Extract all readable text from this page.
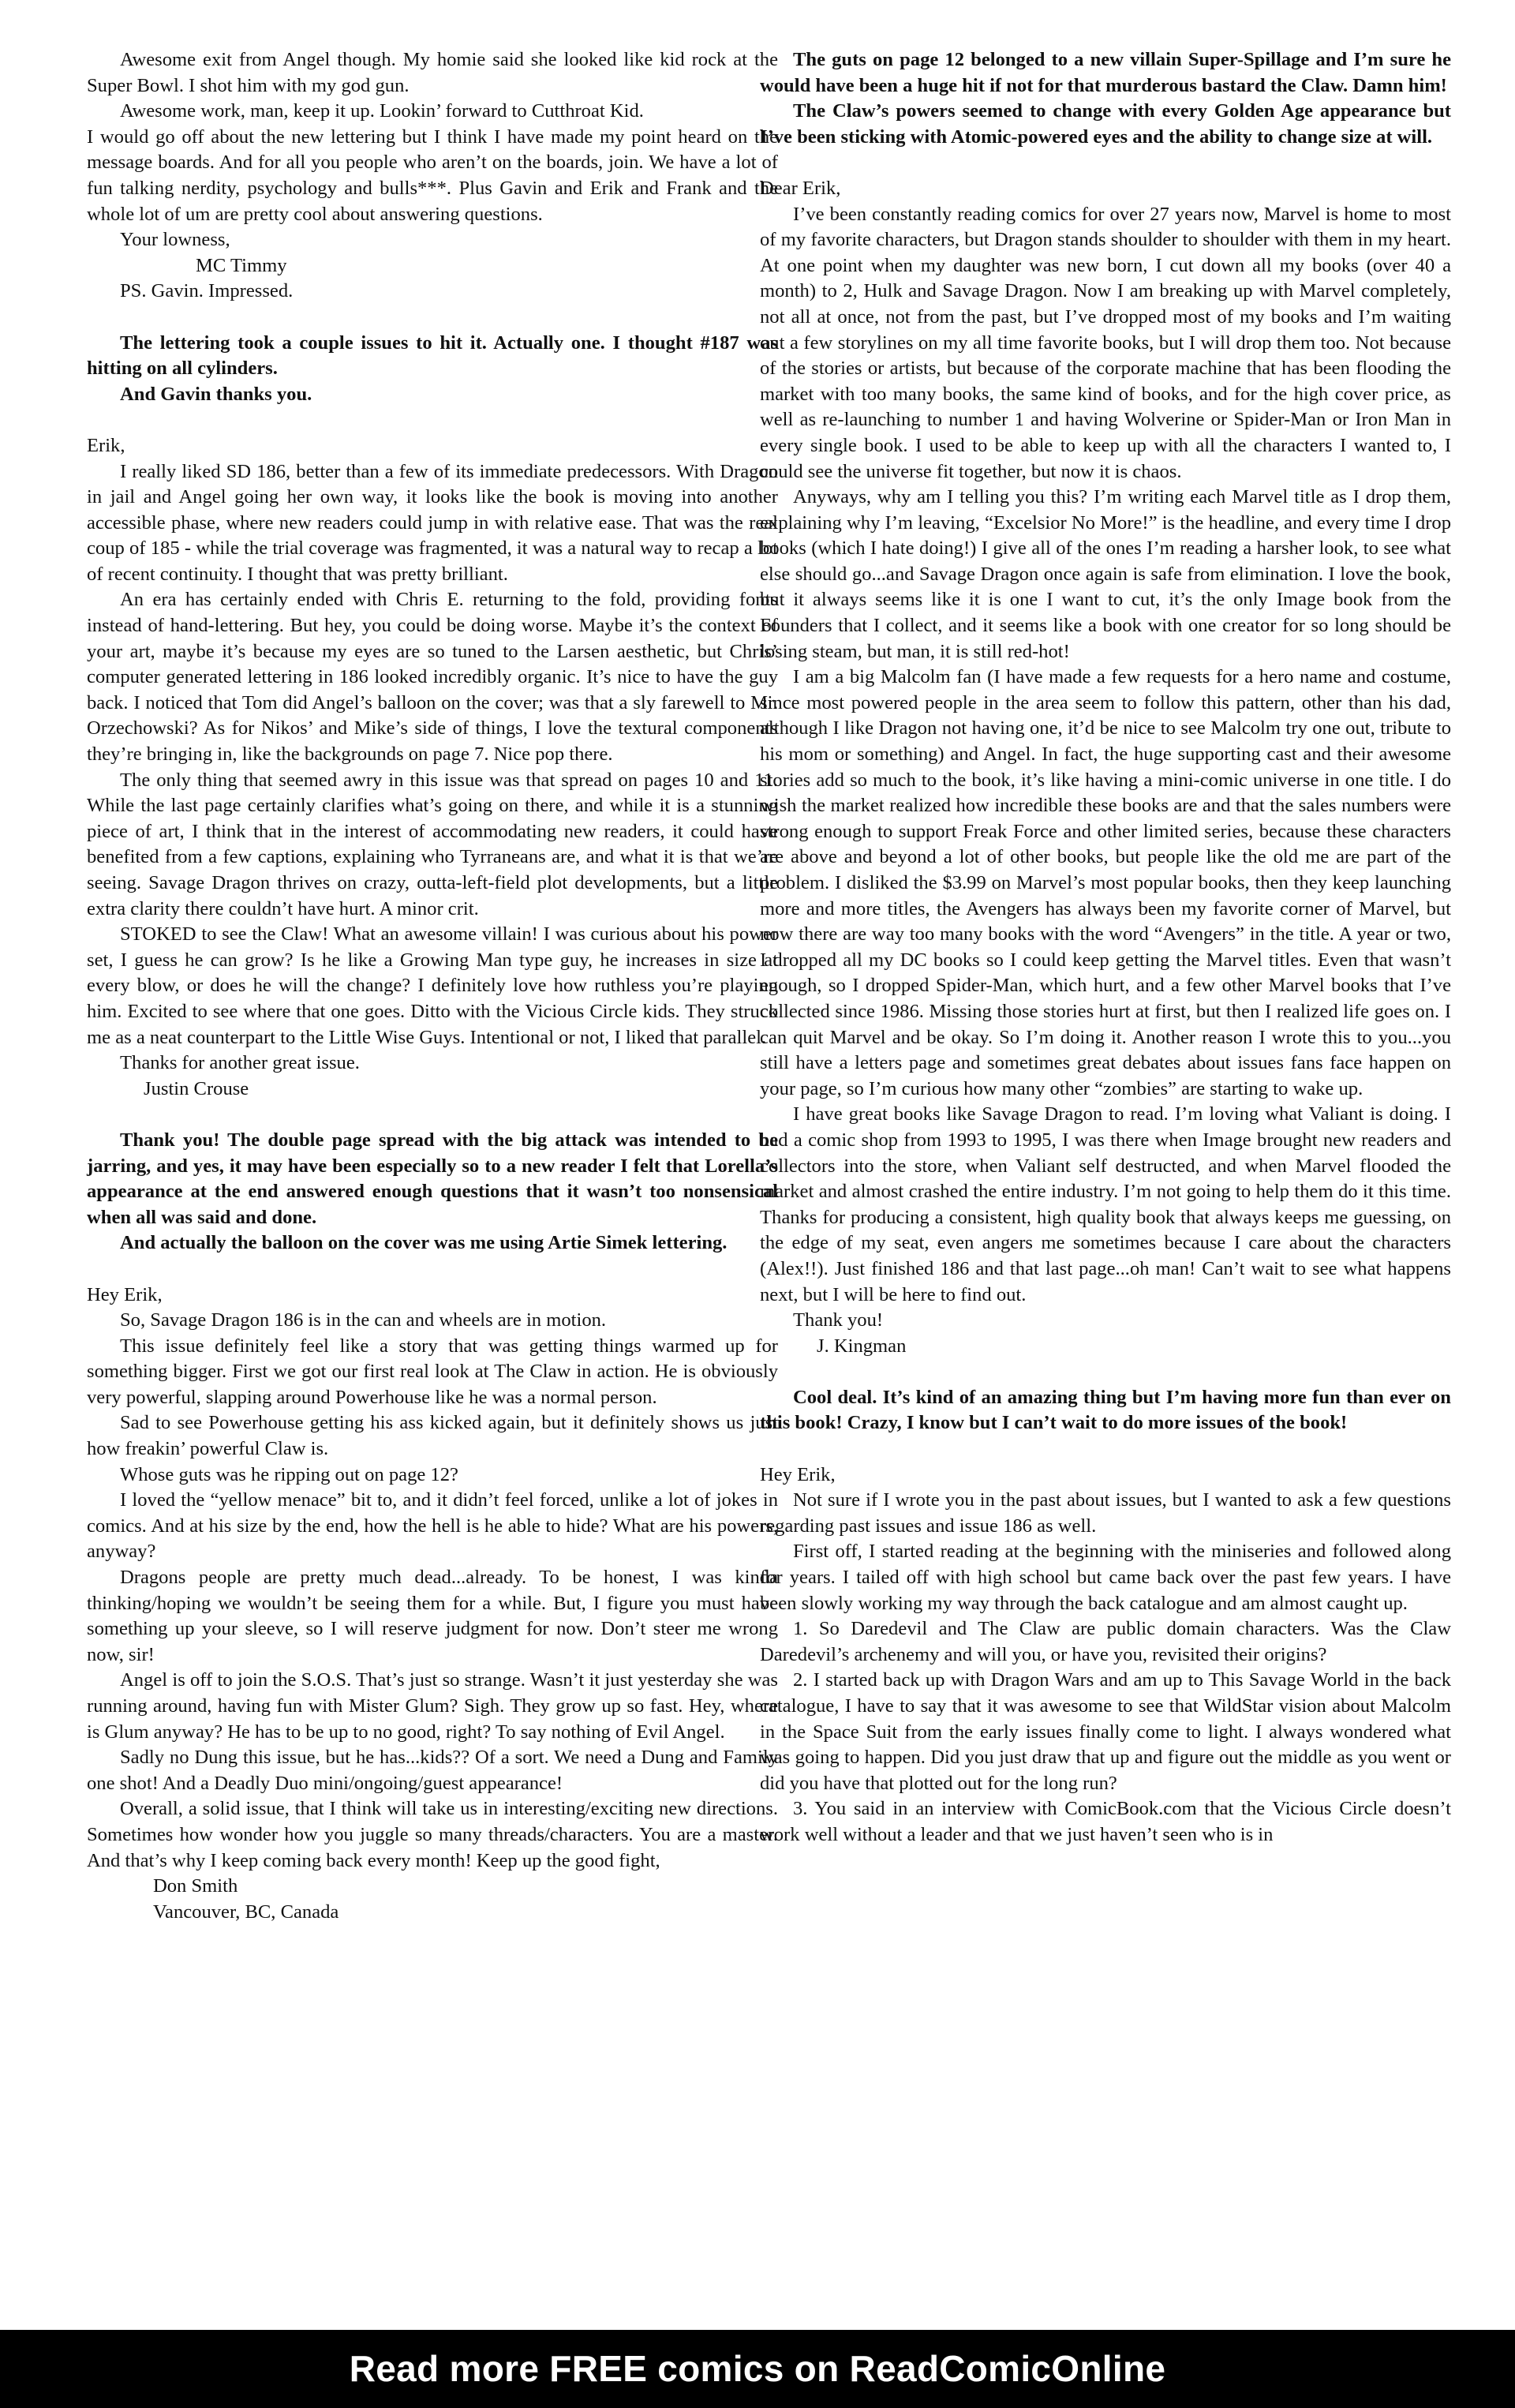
Awesome exit from Angel though. My homie said she looked like kid rock at the Super Bowl. I shot him with my god gun.

Awesome work, man, keep it up. Lookin’ forward to Cutthroat Kid.

I would go off about the new lettering but I think I have made my point heard on the message boards. And for all you people who aren’t on the boards, join. We have a lot of fun talking nerdity, psychology and bulls***. Plus Gavin and Erik and Frank and the whole lot of um are pretty cool about answering questions.

Your lowness,

MC Timmy

PS. Gavin. Impressed.

The lettering took a couple issues to hit it. Actually one. I thought #187 was hitting on all cylinders.

And Gavin thanks you.

Erik,

I really liked SD 186, better than a few of its immediate predecessors. With Dragon in jail and Angel going her own way, it looks like the book is moving into another accessible phase, where new readers could jump in with relative ease. That was the real coup of 185 - while the trial coverage was fragmented, it was a natural way to recap a lot of recent continuity. I thought that was pretty brilliant.

An era has certainly ended with Chris E. returning to the fold, providing fonts instead of hand-lettering. But hey, you could be doing worse. Maybe it’s the context of your art, maybe it’s because my eyes are so tuned to the Larsen aesthetic, but Chris’ computer generated lettering in 186 looked incredibly organic. It’s nice to have the guy back. I noticed that Tom did Angel’s balloon on the cover; was that a sly farewell to Mr. Orzechowski? As for Nikos’ and Mike’s side of things, I love the textural components they’re bringing in, like the backgrounds on page 7. Nice pop there.

The only thing that seemed awry in this issue was that spread on pages 10 and 11. While the last page certainly clarifies what’s going on there, and while it is a stunning piece of art, I think that in the interest of accommodating new readers, it could have benefited from a few captions, explaining who Tyrraneans are, and what it is that we’re seeing. Savage Dragon thrives on crazy, outta-left-field plot developments, but a little extra clarity there couldn’t have hurt. A minor crit.

STOKED to see the Claw! What an awesome villain! I was curious about his power set, I guess he can grow? Is he like a Growing Man type guy, he increases in size at every blow, or does he will the change? I definitely love how ruthless you’re playing him. Excited to see where that one goes. Ditto with the Vicious Circle kids. They struck me as a neat counterpart to the Little Wise Guys. Intentional or not, I liked that parallel.

Thanks for another great issue.

Justin Crouse

Thank you! The double page spread with the big attack was intended to be jarring, and yes, it may have been especially so to a new reader I felt that Lorella’s appearance at the end answered enough questions that it wasn’t too nonsensical when all was said and done.

And actually the balloon on the cover was me using Artie Simek lettering.

Hey Erik,

So, Savage Dragon 186 is in the can and wheels are in motion.

This issue definitely feel like a story that was getting things warmed up for something bigger. First we got our first real look at The Claw in action. He is obviously very powerful, slapping around Powerhouse like he was a normal person.

Sad to see Powerhouse getting his ass kicked again, but it definitely shows us just how freakin’ powerful Claw is.

Whose guts was he ripping out on page 12?

I loved the “yellow menace” bit to, and it didn’t feel forced, unlike a lot of jokes in comics. And at his size by the end, how the hell is he able to hide? What are his powers, anyway?

Dragons people are pretty much dead...already. To be honest, I was kinda thinking/hoping we wouldn’t be seeing them for a while. But, I figure you must have something up your sleeve, so I will reserve judgment for now. Don’t steer me wrong now, sir!

Angel is off to join the S.O.S. That’s just so strange. Wasn’t it just yesterday she was running around, having fun with Mister Glum? Sigh. They grow up so fast. Hey, where is Glum anyway? He has to be up to no good, right? To say nothing of Evil Angel.

Sadly no Dung this issue, but he has...kids?? Of a sort. We need a Dung and Family one shot! And a Deadly Duo mini/ongoing/guest appearance!

Overall, a solid issue, that I think will take us in interesting/exciting new directions. Sometimes how wonder how you juggle so many threads/characters. You are a master. And that’s why I keep coming back every month! Keep up the good fight,

Don Smith

Vancouver, BC, Canada

The guts on page 12 belonged to a new villain Super-Spillage and I’m sure he would have been a huge hit if not for that murderous bastard the Claw. Damn him!

The Claw’s powers seemed to change with every Golden Age appearance but I’ve been sticking with Atomic-powered eyes and the ability to change size at will.

Dear Erik,

I’ve been constantly reading comics for over 27 years now, Marvel is home to most of my favorite characters, but Dragon stands shoulder to shoulder with them in my heart. At one point when my daughter was new born, I cut down all my books (over 40 a month) to 2, Hulk and Savage Dragon. Now I am breaking up with Marvel completely, not all at once, not from the past, but I’ve dropped most of my books and I’m waiting out a few storylines on my all time favorite books, but I will drop them too. Not because of the stories or artists, but because of the corporate machine that has been flooding the market with too many books, the same kind of books, and for the high cover price, as well as re-launching to number 1 and having Wolverine or Spider-Man or Iron Man in every single book. I used to be able to keep up with all the characters I wanted to, I could see the universe fit together, but now it is chaos.

Anyways, why am I telling you this? I’m writing each Marvel title as I drop them, explaining why I’m leaving, “Excelsior No More!” is the headline, and every time I drop books (which I hate doing!) I give all of the ones I’m reading a harsher look, to see what else should go...and Savage Dragon once again is safe from elimination. I love the book, but it always seems like it is one I want to cut, it’s the only Image book from the Founders that I collect, and it seems like a book with one creator for so long should be losing steam, but man, it is still red-hot!

I am a big Malcolm fan (I have made a few requests for a hero name and costume, since most powered people in the area seem to follow this pattern, other than his dad, although I like Dragon not having one, it’d be nice to see Malcolm try one out, tribute to his mom or something) and Angel. In fact, the huge supporting cast and their awesome stories add so much to the book, it’s like having a mini-comic universe in one title. I do wish the market realized how incredible these books are and that the sales numbers were strong enough to support Freak Force and other limited series, because these characters are above and beyond a lot of other books, but people like the old me are part of the problem. I disliked the $3.99 on Marvel’s most popular books, then they keep launching more and more titles, the Avengers has always been my favorite corner of Marvel, but now there are way too many books with the word “Avengers” in the title. A year or two, I dropped all my DC books so I could keep getting the Marvel titles. Even that wasn’t enough, so I dropped Spider-Man, which hurt, and a few other Marvel books that I’ve collected since 1986. Missing those stories hurt at first, but then I realized life goes on. I can quit Marvel and be okay. So I’m doing it. Another reason I wrote this to you...you still have a letters page and sometimes great debates about issues fans face happen on your page, so I’m curious how many other “zombies” are starting to wake up.

I have great books like Savage Dragon to read. I’m loving what Valiant is doing. I had a comic shop from 1993 to 1995, I was there when Image brought new readers and collectors into the store, when Valiant self destructed, and when Marvel flooded the market and almost crashed the entire industry. I’m not going to help them do it this time. Thanks for producing a consistent, high quality book that always keeps me guessing, on the edge of my seat, even angers me sometimes because I care about the characters (Alex!!). Just finished 186 and that last page...oh man! Can’t wait to see what happens next, but I will be here to find out.

Thank you!

J. Kingman

Cool deal. It’s kind of an amazing thing but I’m having more fun than ever on this book! Crazy, I know but I can’t wait to do more issues of the book!

Hey Erik,

Not sure if I wrote you in the past about issues, but I wanted to ask a few questions regarding past issues and issue 186 as well.

First off, I started reading at the beginning with the miniseries and followed along for years. I tailed off with high school but came back over the past few years. I have been slowly working my way through the back catalogue and am almost caught up.

1. So Daredevil and The Claw are public domain characters. Was the Claw Daredevil’s archenemy and will you, or have you, revisited their origins?

2. I started back up with Dragon Wars and am up to This Savage World in the back catalogue, I have to say that it was awesome to see that WildStar vision about Malcolm in the Space Suit from the early issues finally come to light. I always wondered what was going to happen. Did you just draw that up and figure out the middle as you went or did you have that plotted out for the long run?

3. You said in an interview with ComicBook.com that the Vicious Circle doesn’t work well without a leader and that we just haven’t seen who is in

Read more FREE comics on ReadComicOnline
